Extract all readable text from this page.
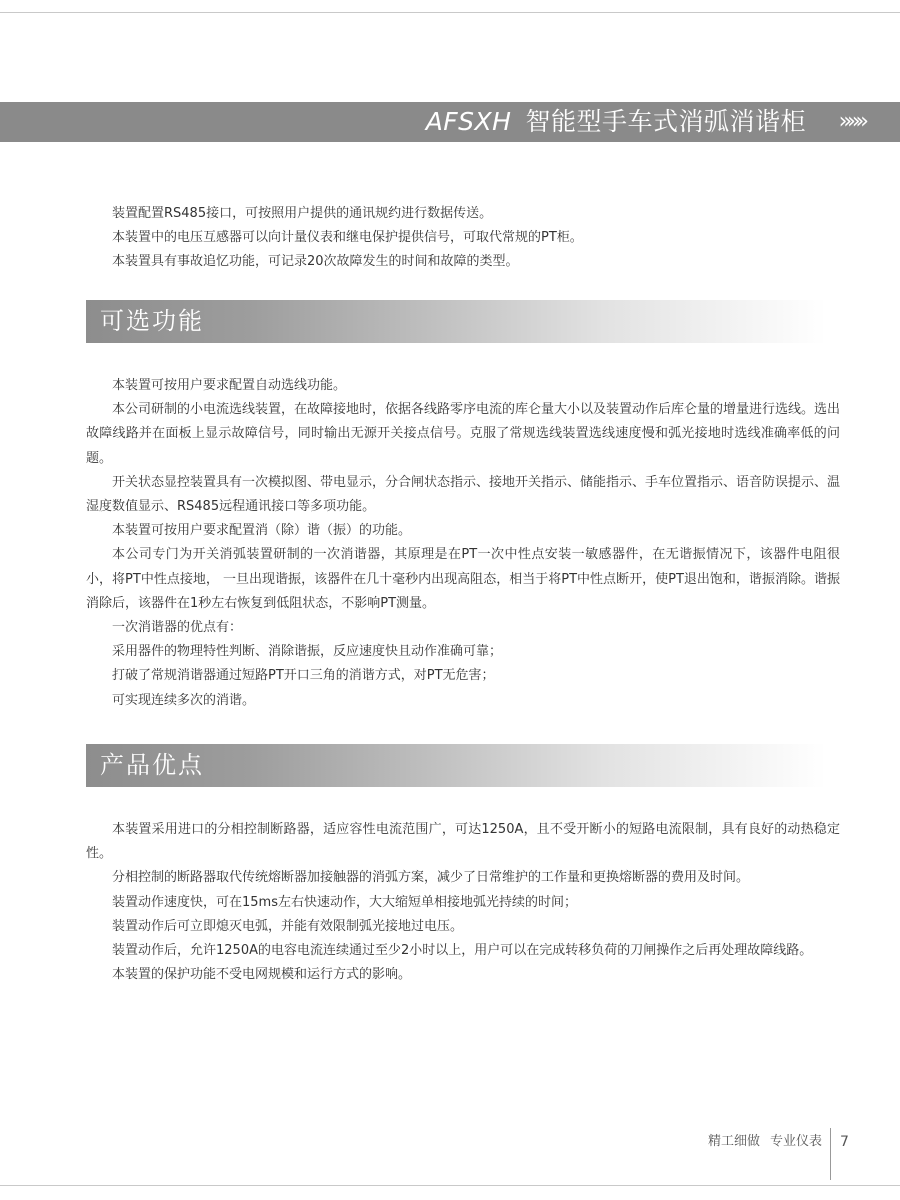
AFSXH 智能型手车式消弧消谐柜 »»»

装置配置RS485接口，可按照用户提供的通讯规约进行数据传送。

本装置中的电压互感器可以向计量仪表和继电保护提供信号，可取代常规的PT柜。

本装置具有事故追忆功能，可记录20次故障发生的时间和故障的类型。

可选功能

本装置可按用户要求配置自动选线功能。

本公司研制的小电流选线装置，在故障接地时，依据各线路零序电流的库仑量大小以及装置动作后库仑量的增量进行选线。选出故障线路并在面板上显示故障信号，同时输出无源开关接点信号。克服了常规选线装置选线速度慢和弧光接地时选线准确率低的问题。

开关状态显控装置具有一次模拟图、带电显示，分合闸状态指示、接地开关指示、储能指示、手车位置指示、语音防误提示、温湿度数值显示、RS485远程通讯接口等多项功能。

本装置可按用户要求配置消（除）谐（振）的功能。

本公司专门为开关消弧装置研制的一次消谐器，其原理是在PT一次中性点安装一敏感器件，在无谐振情况下，该器件电阻很小，将PT中性点接地， 一旦出现谐振，该器件在几十毫秒内出现高阻态，相当于将PT中性点断开，使PT退出饱和，谐振消除。谐振消除后，该器件在1秒左右恢复到低阻状态，不影响PT测量。

一次消谐器的优点有：

采用器件的物理特性判断、消除谐振，反应速度快且动作准确可靠；

打破了常规消谐器通过短路PT开口三角的消谐方式，对PT无危害；

可实现连续多次的消谐。

产品优点

本装置采用进口的分相控制断路器，适应容性电流范围广，可达1250A，且不受开断小的短路电流限制，具有良好的动热稳定性。

分相控制的断路器取代传统熔断器加接触器的消弧方案，减少了日常维护的工作量和更换熔断器的费用及时间。

装置动作速度快，可在15ms左右快速动作，大大缩短单相接地弧光持续的时间；

装置动作后可立即熄灭电弧，并能有效限制弧光接地过电压。

装置动作后，允许1250A的电容电流连续通过至少2小时以上，用户可以在完成转移负荷的刀闸操作之后再处理故障线路。

本装置的保护功能不受电网规模和运行方式的影响。

精工细做 专业仪表 7
